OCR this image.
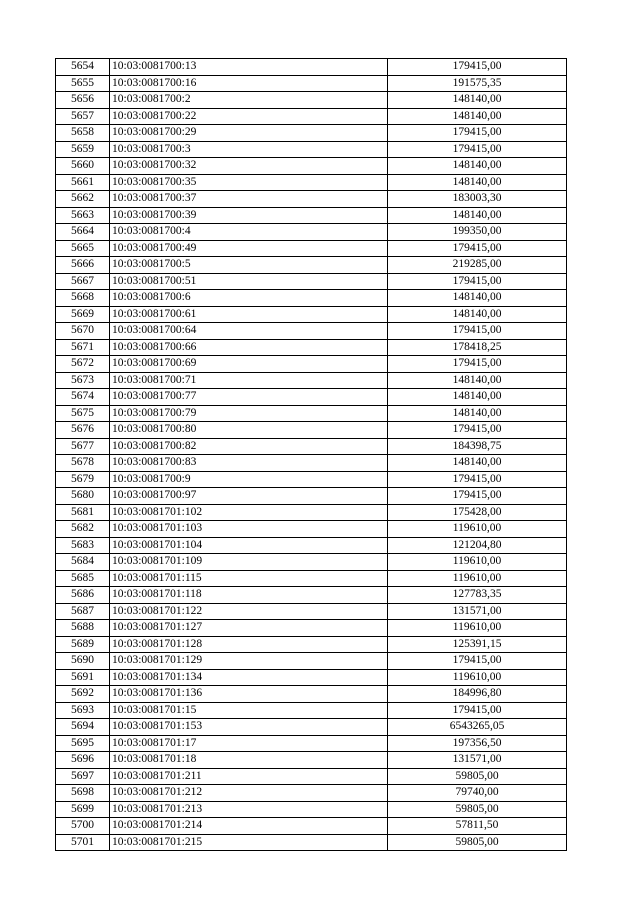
5654	10:03:0081700:13	179415,00
5655	10:03:0081700:16	191575,35
5656	10:03:0081700:2	148140,00
5657	10:03:0081700:22	148140,00
5658	10:03:0081700:29	179415,00
5659	10:03:0081700:3	179415,00
5660	10:03:0081700:32	148140,00
5661	10:03:0081700:35	148140,00
5662	10:03:0081700:37	183003,30
5663	10:03:0081700:39	148140,00
5664	10:03:0081700:4	199350,00
5665	10:03:0081700:49	179415,00
5666	10:03:0081700:5	219285,00
5667	10:03:0081700:51	179415,00
5668	10:03:0081700:6	148140,00
5669	10:03:0081700:61	148140,00
5670	10:03:0081700:64	179415,00
5671	10:03:0081700:66	178418,25
5672	10:03:0081700:69	179415,00
5673	10:03:0081700:71	148140,00
5674	10:03:0081700:77	148140,00
5675	10:03:0081700:79	148140,00
5676	10:03:0081700:80	179415,00
5677	10:03:0081700:82	184398,75
5678	10:03:0081700:83	148140,00
5679	10:03:0081700:9	179415,00
5680	10:03:0081700:97	179415,00
5681	10:03:0081701:102	175428,00
5682	10:03:0081701:103	119610,00
5683	10:03:0081701:104	121204,80
5684	10:03:0081701:109	119610,00
5685	10:03:0081701:115	119610,00
5686	10:03:0081701:118	127783,35
5687	10:03:0081701:122	131571,00
5688	10:03:0081701:127	119610,00
5689	10:03:0081701:128	125391,15
5690	10:03:0081701:129	179415,00
5691	10:03:0081701:134	119610,00
5692	10:03:0081701:136	184996,80
5693	10:03:0081701:15	179415,00
5694	10:03:0081701:153	6543265,05
5695	10:03:0081701:17	197356,50
5696	10:03:0081701:18	131571,00
5697	10:03:0081701:211	59805,00
5698	10:03:0081701:212	79740,00
5699	10:03:0081701:213	59805,00
5700	10:03:0081701:214	57811,50
5701	10:03:0081701:215	59805,00
